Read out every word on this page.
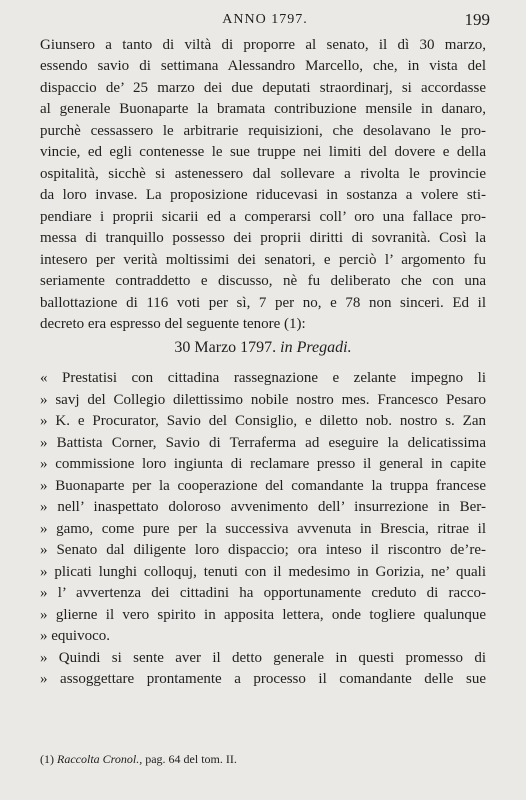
ANNO 1797.	199
Giunsero a tanto di viltà di proporre al senato, il dì 30 marzo,
essendo savio di settimana Alessandro Marcello, che, in vista del
dispaccio de’ 25 marzo dei due deputati straordinarj, si accordasse
al generale Buonaparte la bramata contribuzione mensile in danaro,
purchè cessassero le arbitrarie requisizioni, che desolavano le pro-
vincie, ed egli contenesse le sue truppe nei limiti del dovere e della
ospitalità, sicchè si astenessero dal sollevare a rivolta le provincie
da loro invase. La proposizione riducevasi in sostanza a volere sti-
pendiare i proprii sicarii ed a comperarsi coll’ oro una fallace pro-
messa di tranquillo possesso dei proprii diritti di sovranità. Così la
intesero per verità moltissimi dei senatori, e perciò l’ argomento fu
seriamente contraddetto e discusso, nè fu deliberato che con una
ballottazione di 116 voti per sì, 7 per no, e 78 non sinceri. Ed il
decreto era espresso del seguente tenore (1):
30 Marzo 1797. in Pregadi.
« Prestatisi con cittadina rassegnazione e zelante impegno li
» savj del Collegio dilettissimo nobile nostro mes. Francesco Pesaro
» K. e Procurator, Savio del Consiglio, e diletto nob. nostro s. Zan
» Battista Corner, Savio di Terraferma ad eseguire la delicatissima
» commissione loro ingiunta di reclamare presso il general in capite
» Buonaparte per la cooperazione del comandante la truppa francese
» nell’ inaspettato doloroso avvenimento dell’ insurrezione in Ber-
» gamo, come pure per la successiva avvenuta in Brescia, ritrae il
» Senato dal diligente loro dispaccio; ora inteso il riscontro de’re-
» plicati lunghi colloquj, tenuti con il medesimo in Gorizia, ne’ quali
» l’ avvertenza dei cittadini ha opportunamente creduto di racco-
» glierne il vero spirito in apposita lettera, onde togliere qualunque
» equivoco.
» Quindi si sente aver il detto generale in questi promesso di
» assoggettare prontamente a processo il comandante delle sue
(1) Raccolta Cronol., pag. 64 del tom. II.
